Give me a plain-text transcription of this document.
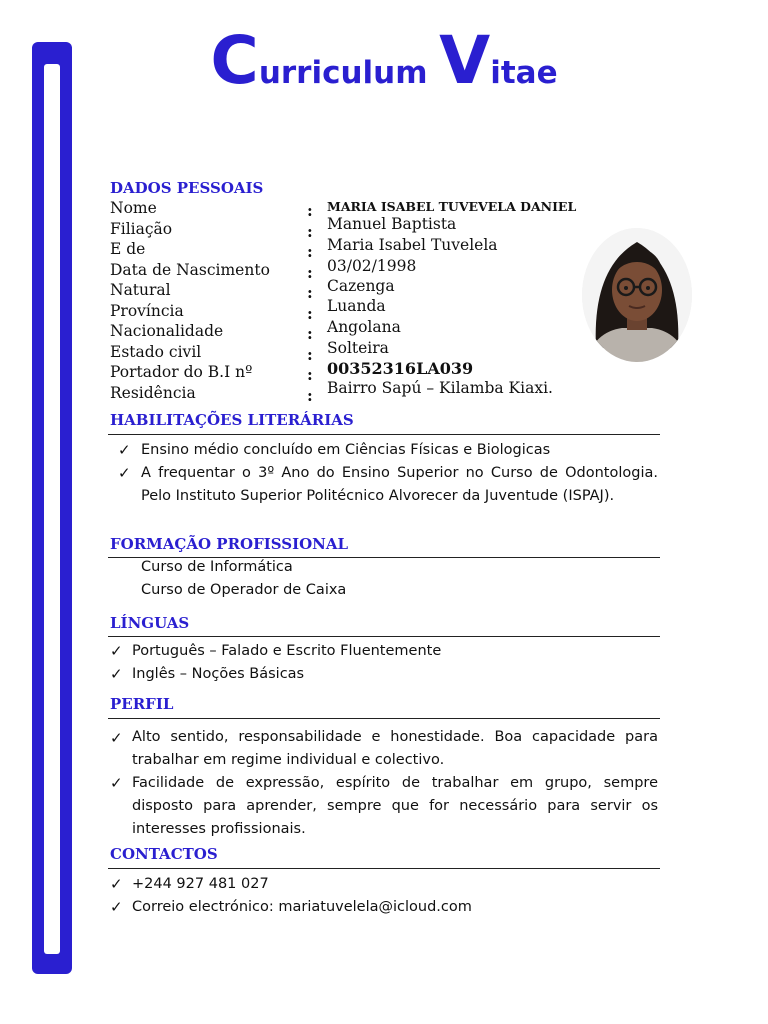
Curriculum Vitae
DADOS PESSOAIS
Nome	: MARIA ISABEL TUVEVELA DANIEL
Filiação	: Manuel Baptista
E de	: Maria Isabel Tuvelela
Data de Nascimento : 03/02/1998
Natural	: Cazenga
Província	: Luanda
Nacionalidade	: Angolana
Estado civil	: Solteira
Portador do B.I nº	: 00352316LA039
Residência	: Bairro Sapú – Kilamba Kiaxi.
HABILITAÇÕES LITERÁRIAS
✓ Ensino médio concluído em Ciências Físicas e Biologicas
✓ A frequentar o 3º Ano do Ensino Superior no Curso de Odontologia. Pelo Instituto Superior Politécnico Alvorecer da Juventude (ISPAJ).
FORMAÇÃO PROFISSIONAL
Curso de Informática
Curso de Operador de Caixa
LÍNGUAS
✓ Português – Falado e Escrito Fluentemente
✓ Inglês – Noções Básicas
PERFIL
✓ Alto sentido, responsabilidade e honestidade. Boa capacidade para trabalhar em regime individual e colectivo.
✓ Facilidade de expressão, espírito de trabalhar em grupo, sempre disposto para aprender, sempre que for necessário para servir os interesses profissionais.
CONTACTOS
✓ +244 927 481 027
✓ Correio electrónico: mariatuvelela@icloud.com
